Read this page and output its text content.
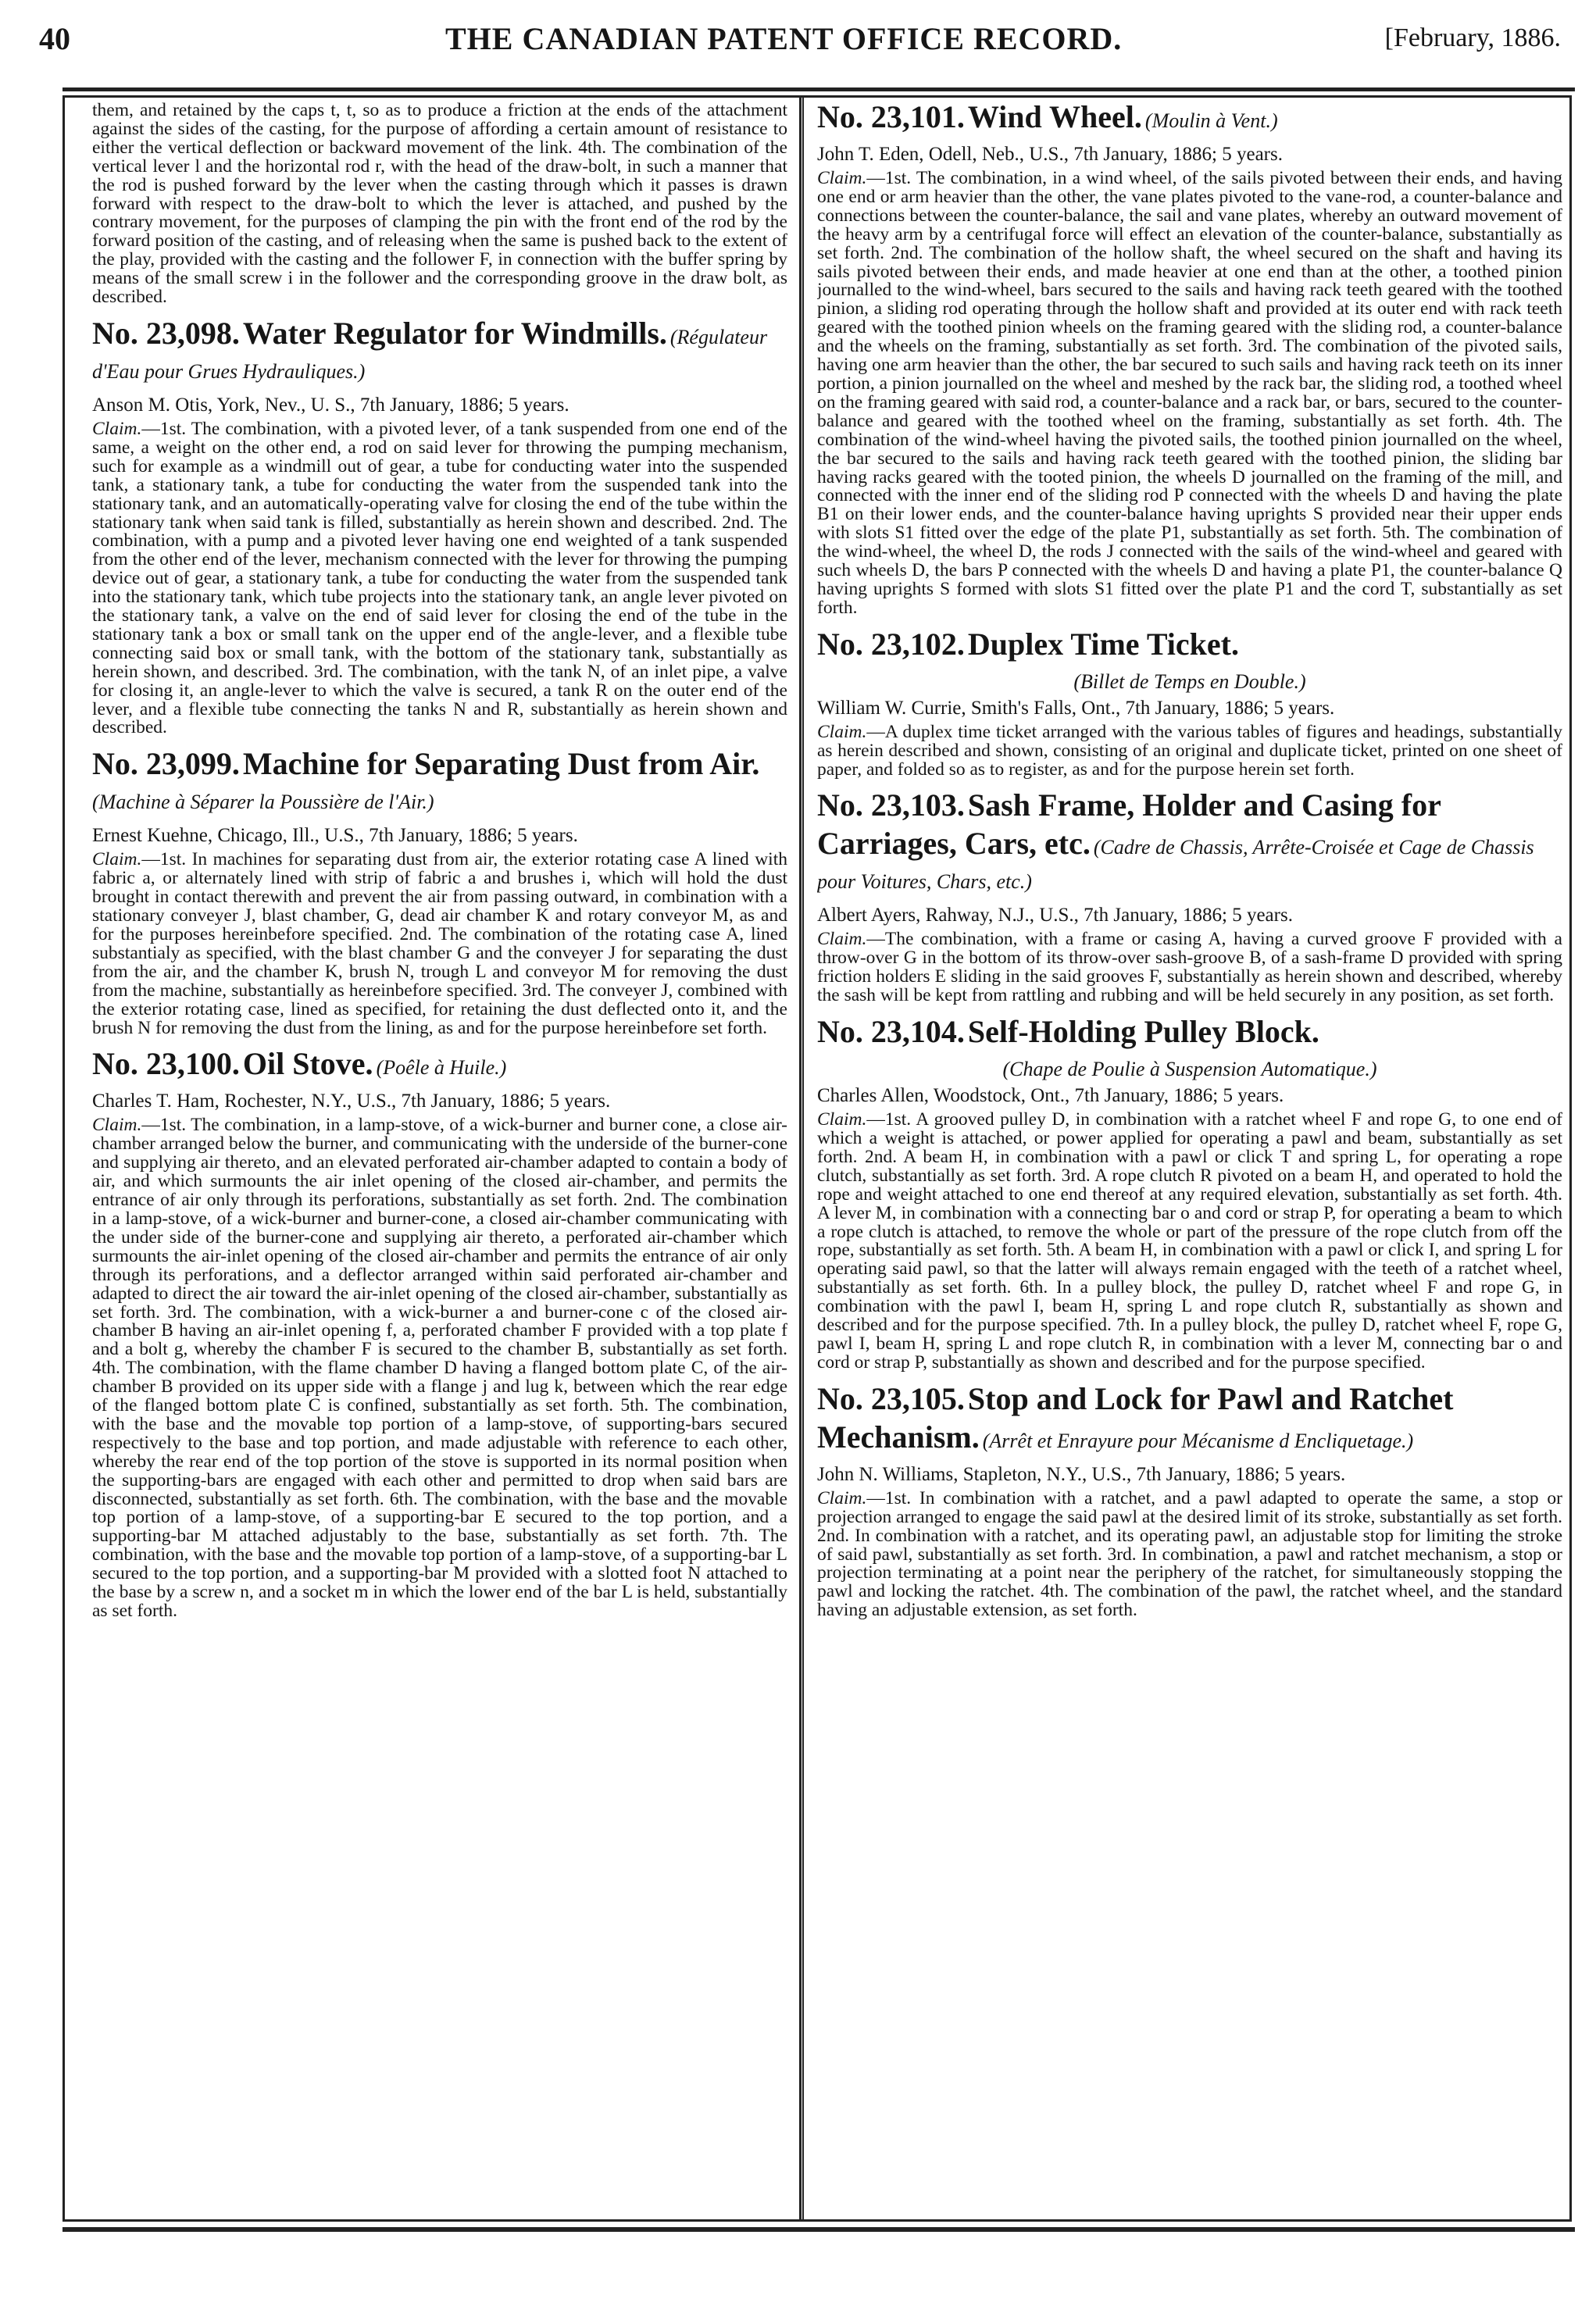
40	THE CANADIAN PATENT OFFICE RECORD.	[February, 1886.

them, and retained by the caps t, t, so as to produce a friction at the ends of the attachment against the sides of the casting, for the purpose of affording a certain amount of resistance to either the vertical deflection or backward movement of the link. 4th. The combination of the vertical lever l and the horizontal rod r, with the head of the draw-bolt, in such a manner that the rod is pushed forward by the lever when the casting through which it passes is drawn forward with respect to the draw-bolt to which the lever is attached, and pushed by the contrary movement, for the purposes of clamping the pin with the front end of the rod by the forward position of the casting, and of releasing when the same is pushed back to the extent of the play, provided with the casting and the follower F, in connection with the buffer spring by means of the small screw i in the follower and the corresponding groove in the draw bolt, as described.

No. 23,098. Water Regulator for Windmills. (Régulateur d'Eau pour Grues Hydrauliques.)
Anson M. Otis, York, Nev., U. S., 7th January, 1886; 5 years.

Claim.—1st. The combination, with a pivoted lever, of a tank suspended from one end of the same, a weight on the other end, a rod on said lever for throwing the pumping mechanism, such for example as a windmill out of gear, a tube for conducting water into the suspended tank, a stationary tank, a tube for conducting the water from the suspended tank into the stationary tank, and an automatically-operating valve for closing the end of the tube within the stationary tank when said tank is filled, substantially as herein shown and described. 2nd. The combination, with a pump and a pivoted lever having one end weighted of a tank suspended from the other end of the lever, mechanism connected with the lever for throwing the pumping device out of gear, a stationary tank, a tube for conducting the water from the suspended tank into the stationary tank, which tube projects into the stationary tank, an angle lever pivoted on the stationary tank, a valve on the end of said lever for closing the end of the tube in the stationary tank a box or small tank on the upper end of the angle-lever, and a flexible tube connecting said box or small tank, with the bottom of the stationary tank, substantially as herein shown, and described. 3rd. The combination, with the tank N, of an inlet pipe, a valve for closing it, an angle-lever to which the valve is secured, a tank R on the outer end of the lever, and a flexible tube connecting the tanks N and R, substantially as herein shown and described.

No. 23,099. Machine for Separating Dust from Air. (Machine à Séparer la Poussière de l'Air.)
Ernest Kuehne, Chicago, Ill., U.S., 7th January, 1886; 5 years.

Claim.—1st. In machines for separating dust from air, the exterior rotating case A lined with fabric a, or alternately lined with strip of fabric a and brushes i, which will hold the dust brought in contact therewith and prevent the air from passing outward, in combination with a stationary conveyer J, blast chamber, G, dead air chamber K and rotary conveyor M, as and for the purposes hereinbefore specified. 2nd. The combination of the rotating case A, lined substantialy as specified, with the blast chamber G and the conveyer J for separating the dust from the air, and the chamber K, brush N, trough L and conveyor M for removing the dust from the machine, substantially as hereinbefore specified. 3rd. The conveyer J, combined with the exterior rotating case, lined as specified, for retaining the dust deflected onto it, and the brush N for removing the dust from the lining, as and for the purpose hereinbefore set forth.

No. 23,100. Oil Stove. (Poêle à Huile.)
Charles T. Ham, Rochester, N.Y., U.S., 7th January, 1886; 5 years.

Claim.—1st. The combination, in a lamp-stove, of a wick-burner and burner cone, a close air-chamber arranged below the burner, and communicating with the underside of the burner-cone and supplying air thereto, and an elevated perforated air-chamber adapted to contain a body of air, and which surmounts the air inlet opening of the closed air-chamber, and permits the entrance of air only through its perforations, substantially as set forth. 2nd. The combination in a lamp-stove, of a wick-burner and burner-cone, a closed air-chamber communicating with the under side of the burner-cone and supplying air thereto, a perforated air-chamber which surmounts the air-inlet opening of the closed air-chamber and permits the entrance of air only through its perforations, and a deflector arranged within said perforated air-chamber and adapted to direct the air toward the air-inlet opening of the closed air-chamber, substantially as set forth. 3rd. The combination, with a wick-burner a and burner-cone c of the closed air-chamber B having an air-inlet opening f, a, perforated chamber F provided with a top plate f and a bolt g, whereby the chamber F is secured to the chamber B, substantially as set forth. 4th. The combination, with the flame chamber D having a flanged bottom plate C, of the air-chamber B provided on its upper side with a flange j and lug k, between which the rear edge of the flanged bottom plate C is confined, substantially as set forth. 5th. The combination, with the base and the movable top portion of a lamp-stove, of supporting-bars secured respectively to the base and top portion, and made adjustable with reference to each other, whereby the rear end of the top portion of the stove is supported in its normal position when the supporting-bars are engaged with each other and permitted to drop when said bars are disconnected, substantially as set forth. 6th. The combination, with the base and the movable top portion of a lamp-stove, of a supporting-bar E secured to the top portion, and a supporting-bar M attached adjustably to the base, substantially as set forth. 7th. The combination, with the base and the movable top portion of a lamp-stove, of a supporting-bar L secured to the top portion, and a supporting-bar M provided with a slotted foot N attached to the base by a screw n, and a socket m in which the lower end of the bar L is held, substantially as set forth.

No. 23,101. Wind Wheel. (Moulin à Vent.)
John T. Eden, Odell, Neb., U.S., 7th January, 1886; 5 years.

Claim.—1st. The combination, in a wind wheel, of the sails pivoted between their ends, and having one end or arm heavier than the other, the vane plates pivoted to the vane-rod, a counter-balance and connections between the counter-balance, the sail and vane plates, whereby an outward movement of the heavy arm by a centrifugal force will effect an elevation of the counter-balance, substantially as set forth. 2nd. The combination of the hollow shaft, the wheel secured on the shaft and having its sails pivoted between their ends, and made heavier at one end than at the other, a toothed pinion journalled to the wind-wheel, bars secured to the sails and having rack teeth geared with the toothed pinion, a sliding rod operating through the hollow shaft and provided at its outer end with rack teeth geared with the toothed pinion wheels on the framing geared with the sliding rod, a counter-balance and the wheels on the framing, substantially as set forth. 3rd. The combination of the pivoted sails, having one arm heavier than the other, the bar secured to such sails and having rack teeth on its inner portion, a pinion journalled on the wheel and meshed by the rack bar, the sliding rod, a toothed wheel on the framing geared with said rod, a counter-balance and a rack bar, or bars, secured to the counter-balance and geared with the toothed wheel on the framing, substantially as set forth. 4th. The combination of the wind-wheel having the pivoted sails, the toothed pinion journalled on the wheel, the bar secured to the sails and having rack teeth geared with the toothed pinion, the sliding bar having racks geared with the tooted pinion, the wheels D journalled on the framing of the mill, and connected with the inner end of the sliding rod P connected with the wheels D and having the plate B1 on their lower ends, and the counter-balance having uprights S provided near their upper ends with slots S1 fitted over the edge of the plate P1, substantially as set forth. 5th. The combination of the wind-wheel, the wheel D, the rods J connected with the sails of the wind-wheel and geared with such wheels D, the bars P connected with the wheels D and having a plate P1, the counter-balance Q having uprights S formed with slots S1 fitted over the plate P1 and the cord T, substantially as set forth.

No. 23,102. Duplex Time Ticket.
(Billet de Temps en Double.)
William W. Currie, Smith's Falls, Ont., 7th January, 1886; 5 years.

Claim.—A duplex time ticket arranged with the various tables of figures and headings, substantially as herein described and shown, consisting of an original and duplicate ticket, printed on one sheet of paper, and folded so as to register, as and for the purpose herein set forth.

No. 23,103. Sash Frame, Holder and Casing for Carriages, Cars, etc. (Cadre de Chassis, Arrête-Croisée et Cage de Chassis pour Voitures, Chars, etc.)
Albert Ayers, Rahway, N.J., U.S., 7th January, 1886; 5 years.

Claim.—The combination, with a frame or casing A, having a curved groove F provided with a throw-over G in the bottom of its throw-over sash-groove B, of a sash-frame D provided with spring friction holders E sliding in the said grooves F, substantially as herein shown and described, whereby the sash will be kept from rattling and rubbing and will be held securely in any position, as set forth.

No. 23,104. Self-Holding Pulley Block.
(Chape de Poulie à Suspension Automatique.)
Charles Allen, Woodstock, Ont., 7th January, 1886; 5 years.

Claim.—1st. A grooved pulley D, in combination with a ratchet wheel F and rope G, to one end of which a weight is attached, or power applied for operating a pawl and beam, substantially as set forth. 2nd. A beam H, in combination with a pawl or click T and spring L, for operating a rope clutch, substantially as set forth. 3rd. A rope clutch R pivoted on a beam H, and operated to hold the rope and weight attached to one end thereof at any required elevation, substantially as set forth. 4th. A lever M, in combination with a connecting bar o and cord or strap P, for operating a beam to which a rope clutch is attached, to remove the whole or part of the pressure of the rope clutch from off the rope, substantially as set forth. 5th. A beam H, in combination with a pawl or click I, and spring L for operating said pawl, so that the latter will always remain engaged with the teeth of a ratchet wheel, substantially as set forth. 6th. In a pulley block, the pulley D, ratchet wheel F and rope G, in combination with the pawl I, beam H, spring L and rope clutch R, substantially as shown and described and for the purpose specified. 7th. In a pulley block, the pulley D, ratchet wheel F, rope G, pawl I, beam H, spring L and rope clutch R, in combination with a lever M, connecting bar o and cord or strap P, substantially as shown and described and for the purpose specified.

No. 23,105. Stop and Lock for Pawl and Ratchet Mechanism. (Arrêt et Enrayure pour Mécanisme d Encliquetage.)
John N. Williams, Stapleton, N.Y., U.S., 7th January, 1886; 5 years.

Claim.—1st. In combination with a ratchet, and a pawl adapted to operate the same, a stop or projection arranged to engage the said pawl at the desired limit of its stroke, substantially as set forth. 2nd. In combination with a ratchet, and its operating pawl, an adjustable stop for limiting the stroke of said pawl, substantially as set forth. 3rd. In combination, a pawl and ratchet mechanism, a stop or projection terminating at a point near the periphery of the ratchet, for simultaneously stopping the pawl and locking the ratchet. 4th. The combination of the pawl, the ratchet wheel, and the standard having an adjustable extension, as set forth.
